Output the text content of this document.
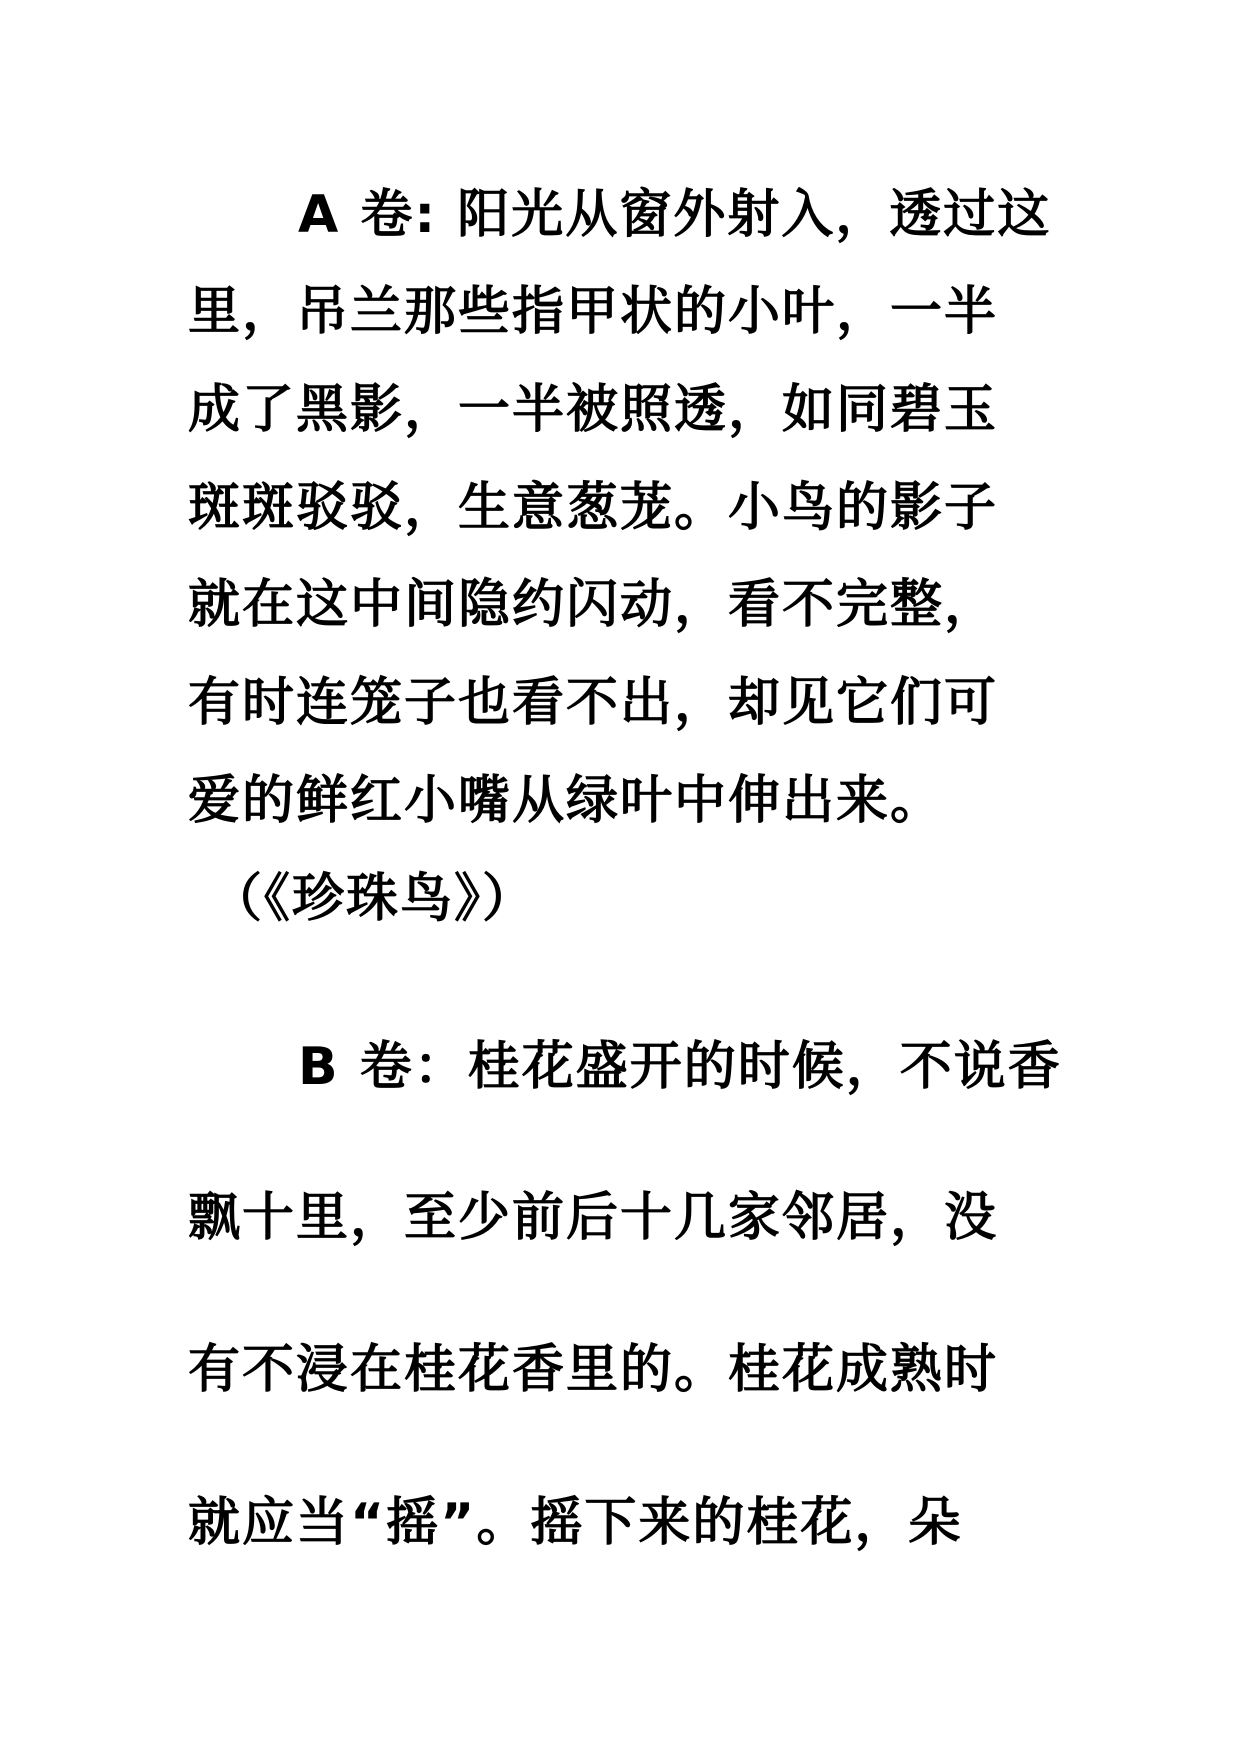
A 卷: 阳光从窗外射入，透过这
里，吊兰那些指甲状的小叶，一半
成了黑影，一半被照透，如同碧玉
斑斑驳驳，生意葱茏。小鸟的影子
就在这中间隐约闪动，看不完整，
有时连笼子也看不出，却见它们可
爱的鲜红小嘴从绿叶中伸出来。
（《珍珠鸟》）
B 卷：桂花盛开的时候，不说香
飘十里，至少前后十几家邻居，没
有不浸在桂花香里的。桂花成熟时
就应当“摇”。摇下来的桂花，朵
